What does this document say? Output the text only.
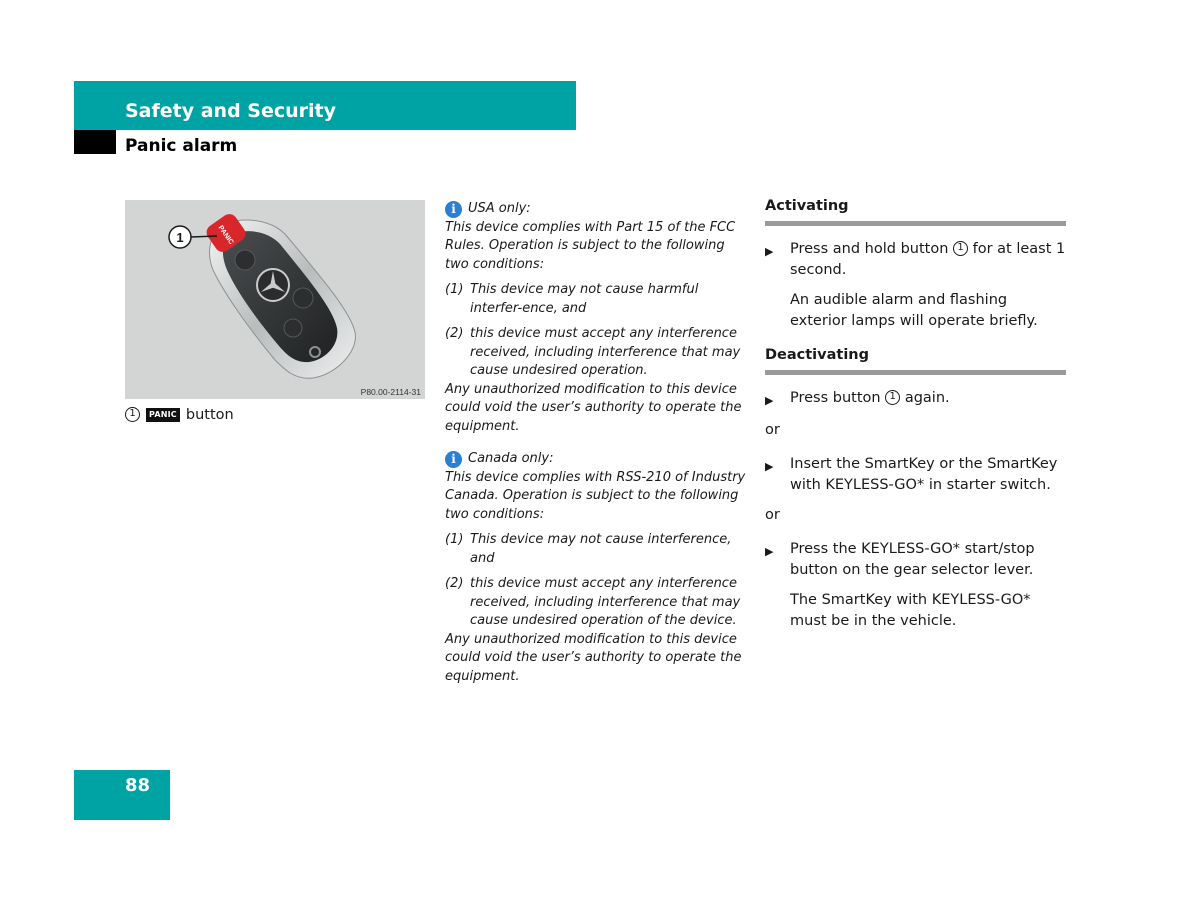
Safety and Security
Panic alarm
PANIC
1
P80.00-2114-31
1	PANIC button
i USA only:

This device complies with Part 15 of the FCC Rules. Operation is subject to the following two conditions:

(1) This device may not cause harmful interfer-ence, and
(2) this device must accept any interference received, including interference that may cause undesired operation.

Any unauthorized modification to this device could void the user’s authority to operate the equipment.

i Canada only:

This device complies with RSS-210 of Industry Canada. Operation is subject to the following two conditions:

(1) This device may not cause interference, and
(2) this device must accept any interference received, including interference that may cause undesired operation of the device.

Any unauthorized modification to this device could void the user’s authority to operate the equipment.

Activating
▶	Press and hold button 1 for at least 1 second.
An audible alarm and flashing exterior lamps will operate briefly.
Deactivating
▶	Press button 1 again.
or
▶	Insert the SmartKey or the SmartKey with KEYLESS-GO* in starter switch.
or
▶	Press the KEYLESS-GO* start/stop button on the gear selector lever.
The SmartKey with KEYLESS-GO* must be in the vehicle.
88
